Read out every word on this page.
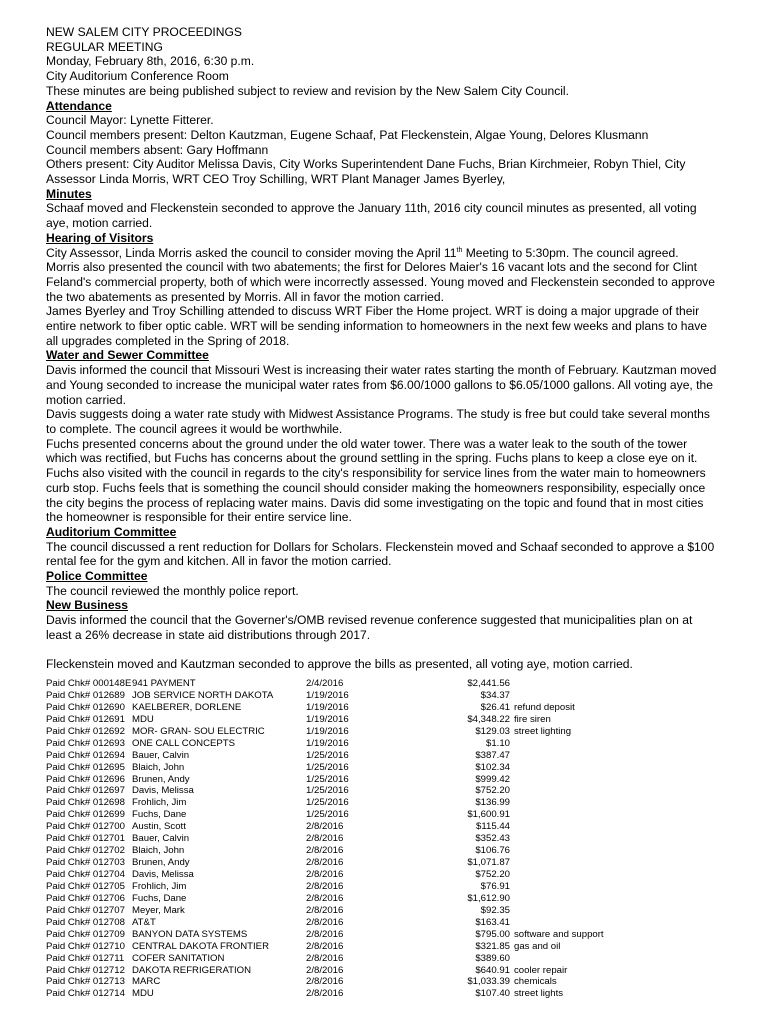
NEW SALEM CITY PROCEEDINGS
REGULAR MEETING
Monday, February 8th, 2016, 6:30 p.m.
City Auditorium Conference Room
These minutes are being published subject to review and revision by the New Salem City Council.
Attendance
Council Mayor: Lynette Fitterer.
Council members present: Delton Kautzman, Eugene Schaaf, Pat Fleckenstein, Algae Young, Delores Klusmann
Council members absent: Gary Hoffmann
Others present: City Auditor Melissa Davis, City Works Superintendent Dane Fuchs, Brian Kirchmeier, Robyn Thiel, City
Assessor Linda Morris, WRT CEO Troy Schilling, WRT Plant Manager James Byerley,
Minutes
Schaaf moved and Fleckenstein seconded to approve the January 11th, 2016 city council minutes as presented, all voting
aye, motion carried.
Hearing of Visitors
City Assessor, Linda Morris asked the council to consider moving the April 11th Meeting to 5:30pm. The council agreed.
Morris also presented the council with two abatements; the first for Delores Maier's 16 vacant lots and the second for Clint
Feland's commercial property, both of which were incorrectly assessed. Young moved and Fleckenstein seconded to approve
the two abatements as presented by Morris. All in favor the motion carried.
James Byerley and Troy Schilling attended to discuss WRT Fiber the Home project. WRT is doing a major upgrade of their
entire network to fiber optic cable. WRT will be sending information to homeowners in the next few weeks and plans to have
all upgrades completed in the Spring of 2018.
Water and Sewer Committee
Davis informed the council that Missouri West is increasing their water rates starting the month of February. Kautzman moved
and Young seconded to increase the municipal water rates from $6.00/1000 gallons to $6.05/1000 gallons. All voting aye, the
motion carried.
Davis suggests doing a water rate study with Midwest Assistance Programs. The study is free but could take several months
to complete. The council agrees it would be worthwhile.
Fuchs presented concerns about the ground under the old water tower. There was a water leak to the south of the tower
which was rectified, but Fuchs has concerns about the ground settling in the spring. Fuchs plans to keep a close eye on it.
Fuchs also visited with the council in regards to the city's responsibility for service lines from the water main to homeowners
curb stop. Fuchs feels that is something the council should consider making the homeowners responsibility, especially once
the city begins the process of replacing water mains. Davis did some investigating on the topic and found that in most cities
the homeowner is responsible for their entire service line.
Auditorium Committee
The council discussed a rent reduction for Dollars for Scholars. Fleckenstein moved and Schaaf seconded to approve a $100
rental fee for the gym and kitchen. All in favor the motion carried.
Police Committee
The council reviewed the monthly police report.
New Business
Davis informed the council that the Governer's/OMB revised revenue conference suggested that municipalities plan on at
least a 26% decrease in state aid distributions through 2017.
Fleckenstein moved and Kautzman seconded to approve the bills as presented, all voting aye, motion carried.
Paid Chk# 000148E 941 PAYMENT	2/4/2016	$2,441.56
Paid Chk# 012689 JOB SERVICE NORTH DAKOTA	1/19/2016	$34.37
Paid Chk# 012690 KAELBERER, DORLENE	1/19/2016	$26.41 refund deposit
Paid Chk# 012691 MDU	1/19/2016	$4,348.22 fire siren
Paid Chk# 012692 MOR- GRAN- SOU ELECTRIC	1/19/2016	$129.03 street lighting
Paid Chk# 012693 ONE CALL CONCEPTS	1/19/2016	$1.10
Paid Chk# 012694 Bauer, Calvin	1/25/2016	$387.47
Paid Chk# 012695 Blaich, John	1/25/2016	$102.34
Paid Chk# 012696 Brunen, Andy	1/25/2016	$999.42
Paid Chk# 012697 Davis, Melissa	1/25/2016	$752.20
Paid Chk# 012698 Frohlich, Jim	1/25/2016	$136.99
Paid Chk# 012699 Fuchs, Dane	1/25/2016	$1,600.91
Paid Chk# 012700 Austin, Scott	2/8/2016	$115.44
Paid Chk# 012701 Bauer, Calvin	2/8/2016	$352.43
Paid Chk# 012702 Blaich, John	2/8/2016	$106.76
Paid Chk# 012703 Brunen, Andy	2/8/2016	$1,071.87
Paid Chk# 012704 Davis, Melissa	2/8/2016	$752.20
Paid Chk# 012705 Frohlich, Jim	2/8/2016	$76.91
Paid Chk# 012706 Fuchs, Dane	2/8/2016	$1,612.90
Paid Chk# 012707 Meyer, Mark	2/8/2016	$92.35
Paid Chk# 012708 AT&T	2/8/2016	$163.41
Paid Chk# 012709 BANYON DATA SYSTEMS	2/8/2016	$795.00 software and support
Paid Chk# 012710 CENTRAL DAKOTA FRONTIER	2/8/2016	$321.85 gas and oil
Paid Chk# 012711 COFER SANITATION	2/8/2016	$389.60
Paid Chk# 012712 DAKOTA REFRIGERATION	2/8/2016	$640.91 cooler repair
Paid Chk# 012713 MARC	2/8/2016	$1,033.39 chemicals
Paid Chk# 012714 MDU	2/8/2016	$107.40 street lights
